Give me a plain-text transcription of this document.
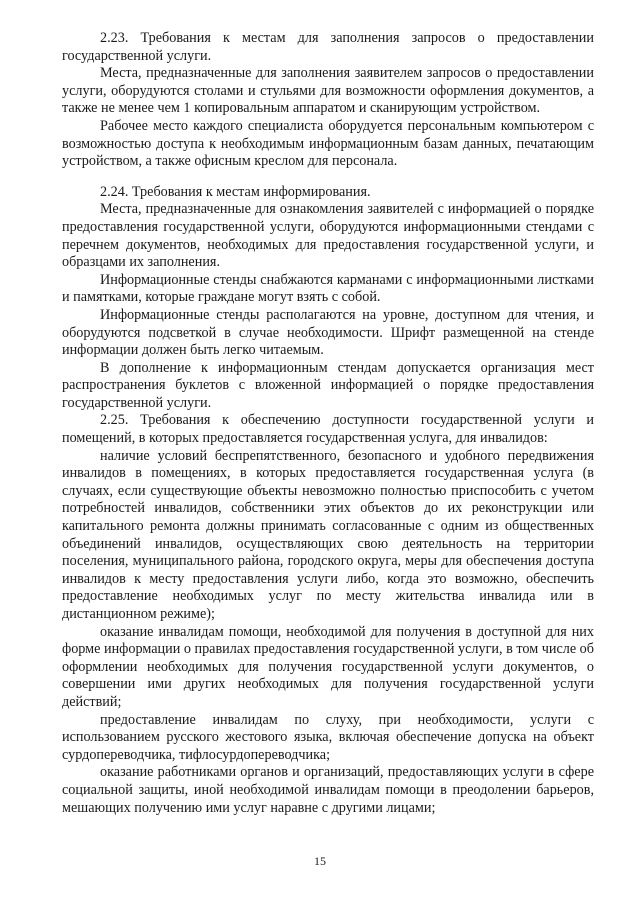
2.23. Требования к местам для заполнения запросов о предоставлении государственной услуги.

Места, предназначенные для заполнения заявителем запросов о предоставлении услуги, оборудуются столами и стульями для возможности оформления документов, а также не менее чем 1 копировальным аппаратом и сканирующим устройством.

Рабочее место каждого специалиста оборудуется персональным компьютером с возможностью доступа к необходимым информационным базам данных, печатающим устройством, а также офисным креслом для персонала.

2.24. Требования к местам информирования.

Места, предназначенные для ознакомления заявителей с информацией о порядке предоставления государственной услуги, оборудуются информационными стендами с перечнем документов, необходимых для предоставления государственной услуги, и образцами их заполнения.

Информационные стенды снабжаются карманами с информационными листками и памятками, которые граждане могут взять с собой.

Информационные стенды располагаются на уровне, доступном для чтения, и оборудуются подсветкой в случае необходимости. Шрифт размещенной на стенде информации должен быть легко читаемым.

В дополнение к информационным стендам допускается организация мест распространения буклетов с вложенной информацией о порядке предоставления государственной услуги.

2.25. Требования к обеспечению доступности государственной услуги и помещений, в которых предоставляется государственная услуга, для инвалидов:

наличие условий беспрепятственного, безопасного и удобного передвижения инвалидов в помещениях, в которых предоставляется государственная услуга (в случаях, если существующие объекты невозможно полностью приспособить с учетом потребностей инвалидов, собственники этих объектов до их реконструкции или капитального ремонта должны принимать согласованные с одним из общественных объединений инвалидов, осуществляющих свою деятельность на территории поселения, муниципального района, городского округа, меры для обеспечения доступа инвалидов к месту предоставления услуги либо, когда это возможно, обеспечить предоставление необходимых услуг по месту жительства инвалида или в дистанционном режиме);

оказание инвалидам помощи, необходимой для получения в доступной для них форме информации о правилах предоставления государственной услуги, в том числе об оформлении необходимых для получения государственной услуги документов, о совершении ими других необходимых для получения государственной услуги действий;

предоставление инвалидам по слуху, при необходимости, услуги с использованием русского жестового языка, включая обеспечение допуска на объект сурдопереводчика, тифлосурдопереводчика;

оказание работниками органов и организаций, предоставляющих услуги в сфере социальной защиты, иной необходимой инвалидам помощи в преодолении барьеров, мешающих получению ими услуг наравне с другими лицами;

15
